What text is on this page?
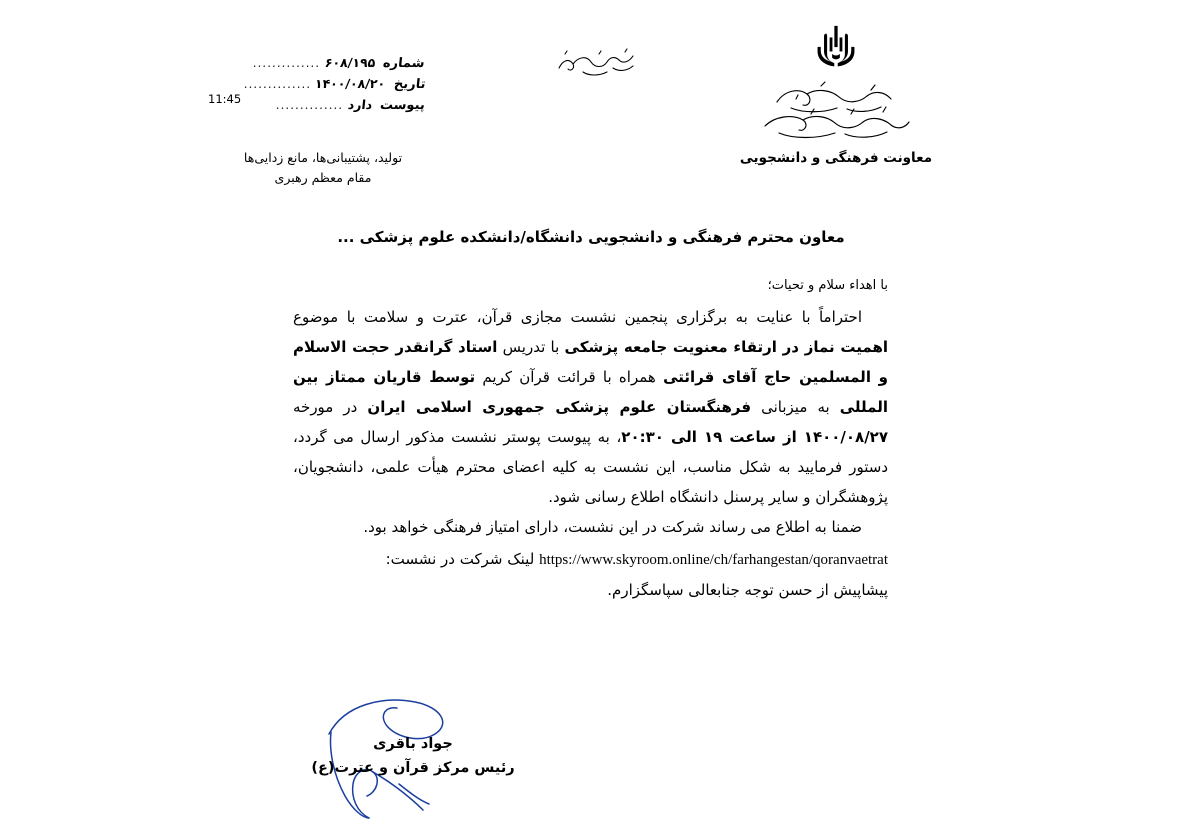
معاونت فرهنگی و دانشجویی
شماره ۶۰۸/۱۹۵ ..............
تاریخ ۱۴۰۰/۰۸/۲۰ ..............
پیوست دارد ..............
11:45
تولید، پشتیبانی‌ها، مانع زدایی‌ها
مقام معظم رهبری
معاون محترم فرهنگی و دانشجویی دانشگاه/دانشکده علوم پزشکی ...
با اهداء سلام و تحیات؛

احتراماً با عنایت به برگزاری پنجمین نشست مجازی قرآن، عترت و سلامت با موضوع اهمیت نماز در ارتقاء معنویت جامعه پزشکی با تدریس استاد گرانقدر حجت الاسلام و المسلمین حاج آقای قرائتی همراه با قرائت قرآن کریم توسط قاریان ممتاز بین المللی به میزبانی فرهنگستان علوم پزشکی جمهوری اسلامی ایران در مورخه ۱۴۰۰/۰۸/۲۷ از ساعت ۱۹ الی ۲۰:۳۰، به پیوست پوستر نشست مذکور ارسال می گردد، دستور فرمایید به شکل مناسب، این نشست به کلیه اعضای محترم هیأت علمی، دانشجویان، پژوهشگران و سایر پرسنل دانشگاه اطلاع رسانی شود.

ضمنا به اطلاع می رساند شرکت در این نشست، دارای امتیاز فرهنگی خواهد بود.

https://www.skyroom.online/ch/farhangestan/qoranvaetrat لینک شرکت در نشست:
پیشاپیش از حسن توجه جنابعالی سپاسگزارم.
جواد باقری
رئیس مرکز قرآن و عترت(ع)
